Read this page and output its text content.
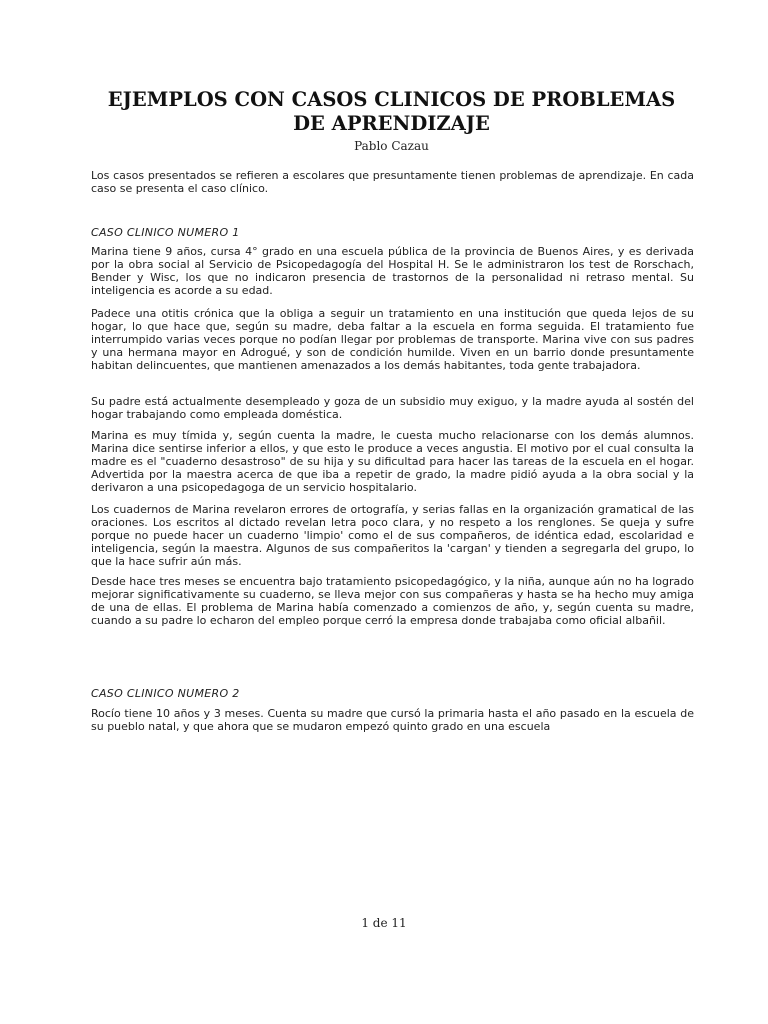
EJEMPLOS CON CASOS CLINICOS DE PROBLEMAS DE APRENDIZAJE
Pablo Cazau

Los casos presentados se refieren a escolares que presuntamente tienen problemas de aprendizaje. En cada caso se presenta el caso clínico.

CASO CLINICO NUMERO 1

Marina tiene 9 años, cursa 4° grado en una escuela pública de la provincia de Buenos Aires, y es derivada por la obra social al Servicio de Psicopedagogía del Hospital H. Se le administraron los test de Rorschach, Bender y Wisc, los que no indicaron presencia de trastornos de la personalidad ni retraso mental. Su inteligencia es acorde a su edad.

Padece una otitis crónica que la obliga a seguir un tratamiento en una institución que queda lejos de su hogar, lo que hace que, según su madre, deba faltar a la escuela en forma seguida. El tratamiento fue interrumpido varias veces porque no podían llegar por problemas de transporte. Marina vive con sus padres y una hermana mayor en Adrogué, y son de condición humilde. Viven en un barrio donde presuntamente habitan delincuentes, que mantienen amenazados a los demás habitantes, toda gente trabajadora.

Su padre está actualmente desempleado y goza de un subsidio muy exiguo, y la madre ayuda al sostén del hogar trabajando como empleada doméstica.

Marina es muy tímida y, según cuenta la madre, le cuesta mucho relacionarse con los demás alumnos. Marina dice sentirse inferior a ellos, y que esto le produce a veces angustia. El motivo por el cual consulta la madre es el "cuaderno desastroso" de su hija y su dificultad para hacer las tareas de la escuela en el hogar. Advertida por la maestra acerca de que iba a repetir de grado, la madre pidió ayuda a la obra social y la derivaron a una psicopedagoga de un servicio hospitalario.

Los cuadernos de Marina revelaron errores de ortografía, y serias fallas en la organización gramatical de las oraciones. Los escritos al dictado revelan letra poco clara, y no respeto a los renglones. Se queja y sufre porque no puede hacer un cuaderno 'limpio' como el de sus compañeros, de idéntica edad, escolaridad e inteligencia, según la maestra. Algunos de sus compañeritos la 'cargan' y tienden a segregarla del grupo, lo que la hace sufrir aún más.

Desde hace tres meses se encuentra bajo tratamiento psicopedagógico, y la niña, aunque aún no ha logrado mejorar significativamente su cuaderno, se lleva mejor con sus compañeras y hasta se ha hecho muy amiga de una de ellas. El problema de Marina había comenzado a comienzos de año, y, según cuenta su madre, cuando a su padre lo echaron del empleo porque cerró la empresa donde trabajaba como oficial albañil.

CASO CLINICO NUMERO 2

Rocío tiene 10 años y 3 meses. Cuenta su madre que cursó la primaria hasta el año pasado en la escuela de su pueblo natal, y que ahora que se mudaron empezó quinto grado en una escuela

1 de 11
